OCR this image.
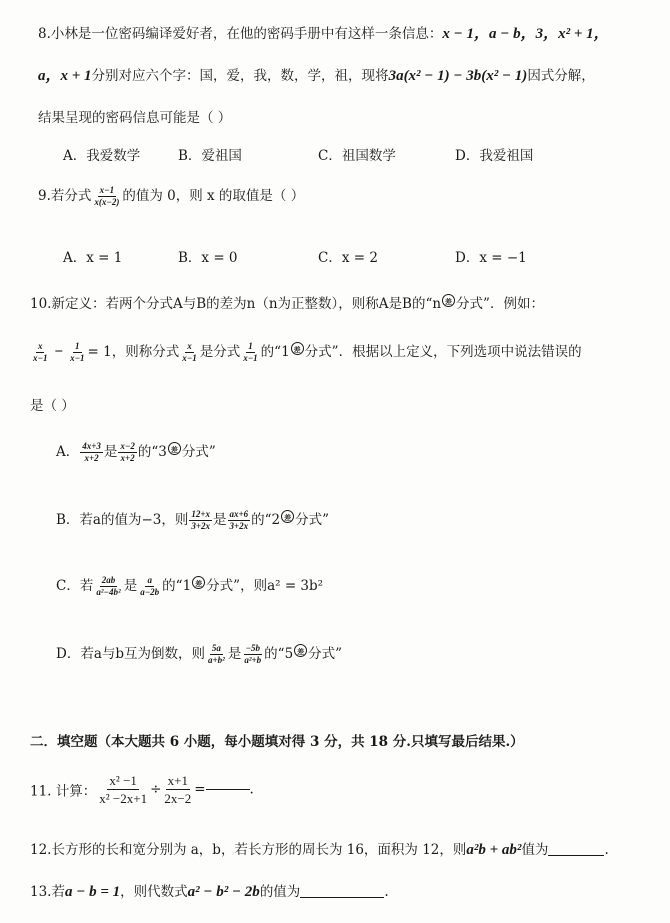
8.小林是一位密码编译爱好者，在他的密码手册中有这样一条信息：x − 1，a − b，3，x² + 1，
a，x + 1分别对应六个字：国，爱，我，数，学，祖，现将3a(x² − 1) − 3b(x² − 1)因式分解，
结果呈现的密码信息可能是（ ）
A．我爱数学	B．爱祖国	C．祖国数学	D．我爱祖国
9.若分式 $\frac{x-1}{x(x-2)}$ 的值为 0，则 x 的取值是（ ）
A．x = 1	B．x = 0	C．x = 2	D．x = −1
10.新定义：若两个分式A与B的差为n（n为正整数），则称A是B的“n 差 分式”．例如：
$\frac{x}{x-1} - \frac{1}{x-1} = 1$，则称分式 $\frac{x}{x-1}$ 是分式 $\frac{1}{x-1}$ 的“1 差 分式”．根据以上定义，下列选项中说法错误的
是（ ）
A． $\frac{4x+3}{x+2}$ 是 $\frac{x-2}{x+2}$ 的“3 差 分式”
B．若a的值为−3，则 $\frac{12+x}{3+2x}$ 是 $\frac{ax+6}{3+2x}$ 的“2 差 分式”
C．若 $\frac{2ab}{\text{a²−4b²}}$ 是 $\frac{a}{a-2b}$ 的“1 差 分式”，则a² = 3b²
D．若a与b互为倒数，则 $\frac{5a}{\text{a+b²}}$ 是 $\frac{-5b}{\text{a²+b}}$ 的“5 差 分式”
二．填空题（本大题共 6 小题，每小题填对得 3 分，共 18 分.只填写最后结果.）
11. 计算： $\frac{\text{x² −1}}{\text{x² −2x+1}} \div \frac{x+1}{2x-2}$ =	.
12.长方形的长和宽分别为 a，b，若长方形的周长为 16，面积为 12，则a²b + ab²值为	.
13.若a − b = 1，则代数式a² − b² − 2b的值为	.
